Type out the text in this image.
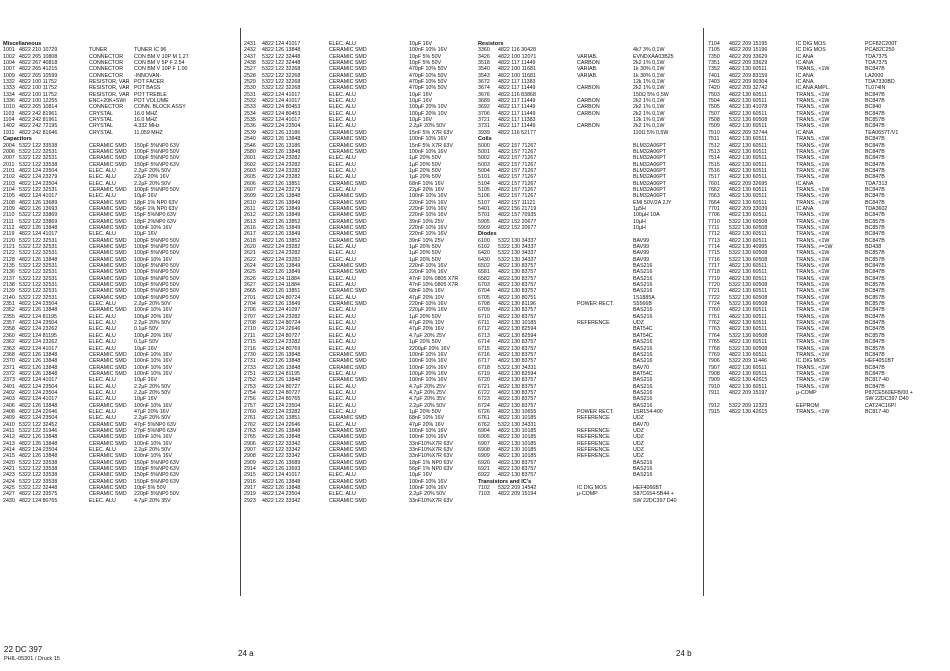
Miscellaneous
1001 4822 210 10729	TUNER	TUNER IC 96
1002 4822 265 10808	CONNECTOR CON BM V 10P M 1.27
1004 4822 267 40818	CONNECTOR CON BM V 5P F 2.54
1007 4822 265 41215	CONNECTOR CON BM V 10P F 1.00
1009 4822 265 10599	CONNECTOR -INNOVAN-
1332 4822 100 11752	RESISTOR, VAR POT FACER
1333 4822 100 11752	RESISTOR, VAR POT BASS
1334 4822 100 11752	RESISTOR, VAR POT TREBLE
1336 4822 100 12255	ENC+20K+SWI POT VOLUME
1010 4822 265 10814	CONNECTOR CONN. BLOCK ASSY
1103 4822 242 81961	CRYSTAL	16.0 MHZ
1104 4822 242 81961	CRYSTAL	16.0 MHZ
1402 4822 242 72195	CRYSTAL	4.332 MHz
1911 4822 242 81646	CRYSTAL	11.059 MHZ
Capacitors
2004 5322 122 33538	CERAMIC SMD 150pF 5%NP0 63V
2006 5322 122 32531	CERAMIC SMD 100pF 5%NP0 50V
2007 5322 122 32531	CERAMIC SMD 100pF 5%NP0 50V
2011 5322 122 33538	CERAMIC SMD 150pF 5%NP0 63V
2101 4822 124 23504	ELEC. ALU	2.2µF 20% 50V
2102 4822 124 23279	ELEC. ALU	22µF 20% 16V
2103 4822 124 23504	ELEC. ALU	2.2µF 20% 50V
2104 5322 122 32531	CERAMIC SMD 100pF 5%NP0 50V
2105 4822 124 41017	ELEC. ALU	10µF 16V
2108 4822 126 13689	CERAMIC SMD 18pF 1% NP0 63V
2109 4822 126 13693	CERAMIC SMD 56pF 1% NP0 63V
2110 5322 122 33869	CERAMIC SMD 15pF 5%NP0 63V
2111 5322 122 33869	CERAMIC SMD 18pF 2%NP0 63V
2112 4822 126 13848	CERAMIC SMD 100nF 10% 16V
2119 4822 124 41017	ELEC. ALU	10µF 16V
2120 5322 122 32531	CERAMIC SMD 100pF 5%NP0 50V
2121 5322 122 32531	CERAMIC SMD 100pF 5%NP0 50V
2122 5322 122 32531	CERAMIC SMD 100pF 5%NP0 50V
2128 4822 126 13848	CERAMIC SMD 100nF 10% 16V
2135 5322 122 32531	CERAMIC SMD 100pF 5%NP0 50V
2136 5322 122 32531	CERAMIC SMD 100pF 5%NP0 50V
2137 5322 122 32531	CERAMIC SMD 100pF 5%NP0 50V
2138 5322 122 32531	CERAMIC SMD 100pF 5%NP0 50V
2139 5322 122 32531	CERAMIC SMD 100pF 5%NP0 50V
2140 5322 122 32531	CERAMIC SMD 100pF 5%NP0 50V
2351 4822 124 23504	ELEC. ALU	2.2µF 20% 50V
2352 4822 126 13848	CERAMIC SMD 100nF 10% 16V
2355 4822 124 81195	ELEC. ALU	100µF 20% 16V
2357 4822 124 23504	ELEC. ALU	2.2µF 20% 50V
2358 4822 124 23262	ELEC. ALU	0.1µF 50V
2360 4822 124 81195	ELEC. ALU	100µF 20% 16V
2362 4822 124 23262	ELEC. ALU	0.1µF 50V
2363 4822 124 41017	ELEC. ALU	10µF 16V
2368 4822 126 13848	CERAMIC SMD 100nF 10% 16V
2370 4822 126 13848	CERAMIC SMD 100nF 10% 16V
2371 4822 126 13848	CERAMIC SMD 100nF 10% 16V
2372 4822 126 13848	CERAMIC SMD 100nF 10% 16V
2373 4822 124 41017	ELEC. ALU	10µF 16V
2401 4822 124 23504	ELEC. ALU	2.2µF 20% 50V
2402 4822 124 23504	ELEC. ALU	2.2µF 20% 50V
2403 4822 124 41017	ELEC. ALU	10µF 16V
2406 4822 126 13848	CERAMIC SMD 100nF 10% 16V
2408 4822 124 22646	ELEC. ALU	47µF 20% 16V
2409 4822 124 23504	ELEC. ALU	2.2µF 20% 50V
2410 5322 122 32452	CERAMIC SMD 47pF 5%NP0 63V
2411 5322 122 31946	CERAMIC SMD 27pF 5%NP0 63V
2412 4822 126 13848	CERAMIC SMD 100nF 10% 16V
2413 4822 126 13848	CERAMIC SMD 100nF 10% 16V
2414 4822 124 23504	ELEC. ALU	2.2µF 20% 50V
2415 4822 126 13848	CERAMIC SMD 100nF 10% 16V
2420 5322 122 33538	CERAMIC SMD 150pF 5%NP0 63V
2421 5322 122 33538	CERAMIC SMD 150pF 5%NP0 63V
2423 5322 122 33538	CERAMIC SMD 150pF 5%NP0 63V
2424 5322 122 33538	CERAMIC SMD 150pF 5%NP0 63V
2425 5322 122 32448	CERAMIC SMD 10pF 5% 50V
2427 4822 122 33575	CERAMIC SMD 220pF 5%NP0 50V
2430 4822 124 80765	ELEC. ALU	4.7µF 20% 35V
2431 4822 124 41017	ELEC. ALU	10µF 16V
2432 4822 126 13848	CERAMIC SMD	100nF 10% 16V
2437 5322 122 32448	CERAMIC SMD	10pF 5% 50V
2438 5322 122 32448	CERAMIC SMD	10pF 5% 50V
2527 5322 122 32268	CERAMIC SMD	470pF 10% 50V
2528 5322 122 32268	CERAMIC SMD	470pF 10% 50V
2529 5322 122 32268	CERAMIC SMD	470pF 10% 50V
2530 5322 122 32268	CERAMIC SMD	470pF 10% 50V
2531 4822 124 41017	ELEC. ALU	10µF 16V
2532 4822 124 41017	ELEC. ALU	10µF 16V
2533 4822 124 80453	ELEC. ALU	100µF 20% 10V
2534 4822 124 80453	ELEC. ALU	100µF 20% 10V
2535 4822 124 41017	ELEC. ALU	10µF 16V
2536 4822 124 23504	ELEC. ALU	2.2µF 20% 50V
2539 4822 126 13186	CERAMIC SMD	15nF 5% X7R 63V
2540 4822 126 13848	CERAMIC SMD	100nF 10% 16V
2546 4822 126 13186	CERAMIC SMD	15nF 5% X7R 63V
2580 4822 126 13848	CERAMIC SMD	100nF 10% 16V
2601 4822 124 23282	ELEC. ALU	1µF 20% 50V
2602 4822 124 23282	ELEC. ALU	1µF 20% 50V
2603 4822 124 23282	ELEC. ALU	1µF 20% 50V
2605 4822 124 23282	ELEC. ALU	1µF 20% 50V
2606 4822 126 13851	CERAMIC SMD	68nF 10% 16V
2607 4822 124 23279	ELEC. ALU	22µF 20% 16V
2609 4822 126 13848	CERAMIC SMD	100nF 10% 16V
2610 4822 126 13849	CERAMIC SMD	220nF 10% 16V
2611 4822 126 13849	CERAMIC SMD	220nF 10% 16V
2612 4822 126 13849	CERAMIC SMD	220nF 10% 16V
2613 4822 126 13852	CERAMIC SMD	39nF 10% 25V
2616 4822 126 13849	CERAMIC SMD	220nF 10% 16V
2617 4822 126 13849	CERAMIC SMD	220nF 10% 16V
2618 4822 126 13852	CERAMIC SMD	39nF 10% 25V
2620 4822 124 23282	ELEC. ALU	1µF 20% 50V
2621 4822 124 23282	ELEC. ALU	1µF 20% 50V
2622 4822 124 23282	ELEC. ALU	1µF 20% 50V
2624 4822 126 13849	CERAMIC SMD	220nF 10% 16V
2625 4822 126 13849	CERAMIC SMD	220nF 10% 16V
2626 4822 124 11884	ELEC. ALU	47nF 10% 0805 X7R
2627 4822 124 11884	ELEC. ALU	47nF 10% 0805 X7R
2665 4822 126 13851	CERAMIC SMD	68nF 10% 16V
2701 4822 124 80724	ELEC. ALU	47µF 20% 10V
2704 4822 126 13849	CERAMIC SMD	220nF 10% 16V
2706 4822 124 41097	ELEC. ALU	220µF 20% 16V
2707 4822 124 23282	ELEC. ALU	1µF 20% 50V
2708 4822 124 80724	ELEC. ALU	47µF 20% 10V
2710 4822 124 22646	ELEC. ALU	47µF 20% 16V
2711 4822 124 80727	ELEC. ALU	4.7µF 20% 25V
2715 4822 124 23282	ELEC. ALU	1µF 20% 50V
2716 4822 124 80769	ELEC. ALU	2200µF 20% 16V
2730 4822 126 13848	CERAMIC SMD	100nF 10% 16V
2731 4822 126 13848	CERAMIC SMD	100nF 10% 16V
2733 4822 126 13848	CERAMIC SMD	100nF 10% 16V
2751 4822 124 81195	ELEC. ALU	100µF 20% 16V
2752 4822 126 13848	CERAMIC SMD	100nF 10% 16V
2753 4822 124 80727	ELEC. ALU	4.7µF 20% 25V
2754 4822 124 80727	ELEC. ALU	4.7µF 20% 25V
2756 4822 124 80765	ELEC. ALU	4.7µF 20% 35V
2757 4822 124 23504	ELEC. ALU	2.2µF 20% 50V
2760 4822 124 23282	ELEC. ALU	1µF 20% 50V
2761 4822 126 13851	CERAMIC SMD	68nF 10% 16V
2762 4822 124 22646	ELEC. ALU	47µF 20% 16V
2763 4822 126 13848	CERAMIC SMD	100nF 10% 16V
2765 4822 126 13848	CERAMIC SMD	100nF 10% 16V
2906 4822 122 33342	CERAMIC SMD	33nF10%X7R 63V
2907 4822 122 33342	CERAMIC SMD	33nF10%X7R 63V
2908 4822 122 33342	CERAMIC SMD	33nF10%X7R 63V
2909 4822 126 13689	CERAMIC SMD	18pF 1% NP0 63V
2914 4822 126 13693	CERAMIC SMD	56pF 1% NP0 63V
2915 4822 124 41017	ELEC. ALU	10µF 16V
2916 4822 126 13848	CERAMIC SMD	100nF 10% 16V
2917 4822 126 13848	CERAMIC SMD	100nF 10% 16V
2919 4822 124 23504	ELEC. ALU	2.2µF 20% 50V
2923 4822 122 33342	CERAMIC SMD	33nF10%X7R 63V
Resistors
3360 4822 116 30428	4k7 3% 0,1W
3426 4822 100 12071	VARIAB.	EVNDXAA03B25
3518 4822 117 11449	CARBON	2k2 1% 0,1W
3540 4822 100 11681	VARIAB.	1k 30% 0,1W
3543 4822 100 11681	VARIAB.	1k 30% 0,1W
3672 4822 117 11383	12k 1% 0,1W
3674 4822 117 11449	CARBON	2k2 1% 0,1W
3676 4822 116 83868	150Ω 5% 0,5W
3689 4822 117 11449	CARBON	2k2 1% 0,1W
3692 4822 117 11449	CARBON	2k2 1% 0,1W
3706 4822 117 11449	CARBON	2k2 1% 0,1W
3721 4822 117 11383	12k 1% 0,1W
3731 4822 117 11449	CARBON	2k2 1% 0,1W
3939 4822 116 52177	110Ω 5% 0,5W
Coils
5000 4822 157 71267	BLM32A06PT
5001 4822 157 71267	BLM32A06PT
5002 4822 157 71267	BLM32A06PT
5003 4822 157 71267	BLM32A06PT
5004 4822 157 71267	BLM32A06PT
5101 4822 157 71267	BLM32A06PT
5104 4822 157 71267	BLM32A06PT
5105 4822 157 71267	BLM32A06PT
5106 4822 157 71267	BLM32A06PT
5107 4822 157 11121	EMI 50V/2A 2JY
5401 4822 156 21719	1µ5H
5701 4822 157 70935	100µH 10A
5905 4822 152 20677	10µH
5909 4822 152 20677	10µH
Diodes
6100 5322 130 34337	BAV99
6102 5322 130 34337	BAV99
6420 5322 130 34337	BAV99
6430 5322 130 34337	BAV99
6502 4822 130 83757	BAS216
6581 4822 130 83757	BAS216
6582 4822 130 83757	BAS216
6703 4822 130 83757	BAS216
6704 4822 130 83757	BAS216
6705 4822 130 80751	1S1885A
6708 4822 130 81196	POWER RECT.	S5566B
6709 4822 130 83757	BAS216
6710 4822 130 83757	BAS216
6711 4822 130 10185	REFERENCE	UDZ
6712 4822 130 82594	BAT54C
6713 4822 130 82594	BAT54C
6714 4822 130 83757	BAS216
6715 4822 130 83757	BAS216
6716 4822 130 83757	BAS216
6717 4822 130 83757	BAS216
6718 5322 130 34331	BAV70
6719 4822 130 82594	BAT54C
6720 4822 130 83757	BAS216
6721 4822 130 83757	BAS216
6722 4822 130 83757	BAS216
6723 4822 130 83757	BAS216
6724 4822 130 83757	BAS216
6726 4822 130 10655	POWER RECT.	1SR154-400
6761 4822 130 10185	REFERENCE	UDZ
6762 5322 130 34331	BAV70
6904 4822 130 10185	REFERENCE	UDZ
6905 4822 130 10185	REFERENCE	UDZ
6907 4822 130 10185	REFERENCE	UDZ
6908 4822 130 10185	REFERENCE	UDZ
6909 4822 130 10185	REFERENCE	UDZ
6920 4822 130 83757	BAS216
6921 4822 130 83757	BAS216
6922 4822 130 83757	BAS216
Transistors and IC's
7102 5322 209 14542	IC DIG MOS	HEF4066BT
7103 4822 209 15194	µ-COMP	S87C654-5B44 +
SW 22DC397 D40
7104 4822 209 15195	IC DIG MOS	PCF82C200T
7105 4822 209 15196	IC DIG MOS	PCA82C250
7350 4822 209 33629	IC ANA	TDA7375
7351 4822 209 33629	IC ANA	TDA7375
7352 4822 130 60511	TRANS., <1W	BC847B
7401 4822 209 83159	IC ANA	LA2000
7403 4822 209 90304	IC ANA	TDA7330BD
7420 4822 209 32742	IC ANA AMPL.	TL074IN
7503 4822 130 60511	TRANS., <1W	BC847B
7504 4822 130 60511	TRANS., <1W	BC847B
7505 4822 130 41078	TRANS., <1W	BC840
7507 4822 130 60511	TRANS., <1W	BC847B
7508 5322 130 60508	TRANS., <1W	BC857B
7509 4822 130 60511	TRANS., <1W	BC847B
7510 4822 209 32744	IC ANA	TEA0657T/V1
7511 4822 130 60511	TRANS., <1W	BC847B
7512 4822 130 60511	TRANS., <1W	BC847B
7513 4822 130 60511	TRANS., <1W	BC847B
7514 4822 130 60511	TRANS., <1W	BC847B
7515 4822 130 60511	TRANS., <1W	BC847B
7516 4822 130 60511	TRANS., <1W	BC847B
7517 4822 130 60511	TRANS., <1W	BC847B
7601 4822 209 32695	IC ANA	TDA7313
7662 4822 130 60511	TRANS., <1W	BC847B
7663 4822 130 60511	TRANS., <1W	BC847B
7664 4822 130 60511	TRANS., <1W	BC847B
7701 4822 209 33039	IC ANA	TDA3602
7706 4822 130 60511	TRANS., <1W	BC847B
7710 5322 130 60508	TRANS., <1W	BC857B
7711 5322 130 60508	TRANS., <1W	BC857B
7712 4822 130 60511	TRANS., <1W	BC847B
7713 4822 130 60511	TRANS., <1W	BC847B
7714 4822 130 40995	TRANS., >=1W	BD438
7715 5322 130 60508	TRANS., <1W	BC857B
7716 5322 130 60508	TRANS., <1W	BC857B
7717 4822 130 60511	TRANS., <1W	BC847B
7718 4822 130 60511	TRANS., <1W	BC847B
7719 4822 130 60511	TRANS., <1W	BC847B
7720 5322 130 60508	TRANS., <1W	BC857B
7721 4822 130 60511	TRANS., <1W	BC847B
7722 5322 130 60508	TRANS., <1W	BC857B
7724 5322 130 60508	TRANS., <1W	BC857B
7760 4822 130 60511	TRANS., <1W	BC847B
7761 4822 130 60511	TRANS., <1W	BC847B
7762 4822 130 60511	TRANS., <1W	BC847B
7763 4822 130 60511	TRANS., <1W	BC847B
7764 5322 130 60508	TRANS., <1W	BC857B
7765 4822 130 60511	TRANS., <1W	BC847B
7768 5322 130 60508	TRANS., <1W	BC857B
7769 4822 130 60511	TRANS., <1W	BC847B
7906 5322 209 11446	IC DIG MOS	HEF4051BT
7907 4822 130 60511	TRANS., <1W	BC847B
7908 4822 130 60511	TRANS., <1W	BC847B
7909 4822 130 42615	TRANS., <1W	BC817-40
7910 4822 130 60511	TRANS., <1W	BC847B
7911 4822 209 15197	µ-COMP	P87CE560EFB/00 +
SW 22DC397 D40
7912 5322 209 12323	EEPROM	CAT24C16PI
7915 4822 130 42615	TRANS., <1W	BC817-40
22 DC 397
PHIL-05301 / Druck 15
24 a	24 b
